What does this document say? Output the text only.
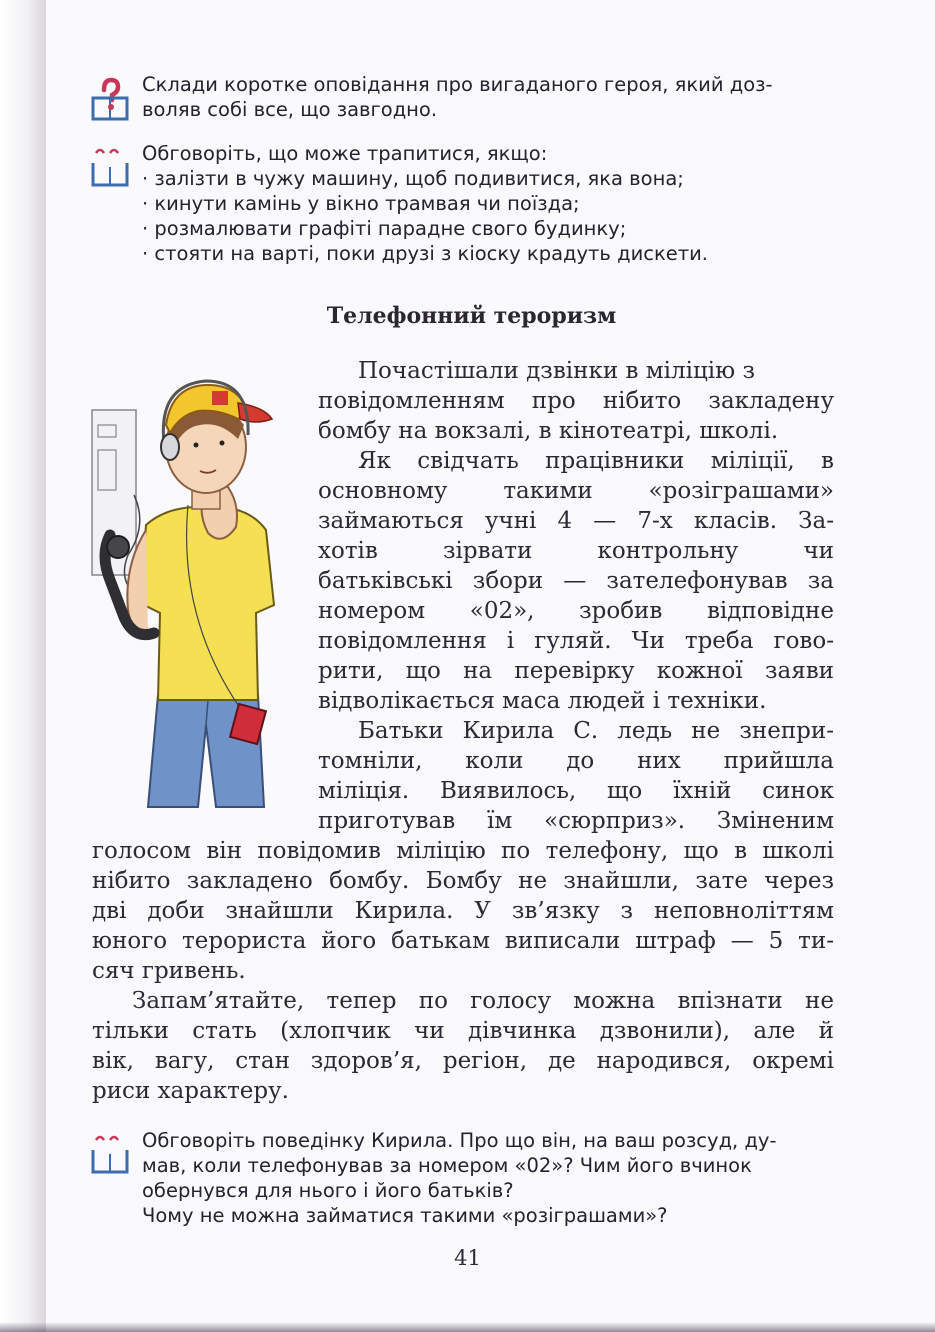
Склади коротке оповідання про вигаданого героя, який доз-
воляв собі все, що завгодно.
Обговоріть, що може трапитися, якщо:
· залізти в чужу машину, щоб подивитися, яка вона;
· кинути камінь у вікно трамвая чи поїзда;
· розмалювати графіті парадне свого будинку;
· стояти на варті, поки друзі з кіоску крадуть дискети.
Телефонний тероризм
Почастішали дзвінки в міліцію з
повідомленням про нібито закладену
бомбу на вокзалі, в кінотеатрі, школі.
Як свідчать працівники міліції, в
основному такими «розіграшами»
займаються учні 4 — 7-х класів. За-
хотів зірвати контрольну чи
батьківські збори — зателефонував за
номером «02», зробив відповідне
повідомлення і гуляй. Чи треба гово-
рити, що на перевірку кожної заяви
відволікається маса людей і техніки.
Батьки Кирила С. ледь не знепри-
томніли, коли до них прийшла
міліція. Виявилось, що їхній синок
приготував їм «сюрприз». Зміненим
голосом він повідомив міліцію по телефону, що в школі
нібито закладено бомбу. Бомбу не знайшли, зате через
дві доби знайшли Кирила. У зв’язку з неповноліттям
юного терориста його батькам виписали штраф — 5 ти-
сяч гривень.
Запам’ятайте, тепер по голосу можна впізнати не
тільки стать (хлопчик чи дівчинка дзвонили), але й
вік, вагу, стан здоров’я, регіон, де народився, окремі
риси характеру.
Обговоріть поведінку Кирила. Про що він, на ваш розсуд, ду-
мав, коли телефонував за номером «02»? Чим його вчинок
обернувся для нього і його батьків?
Чому не можна займатися такими «розіграшами»?
41
